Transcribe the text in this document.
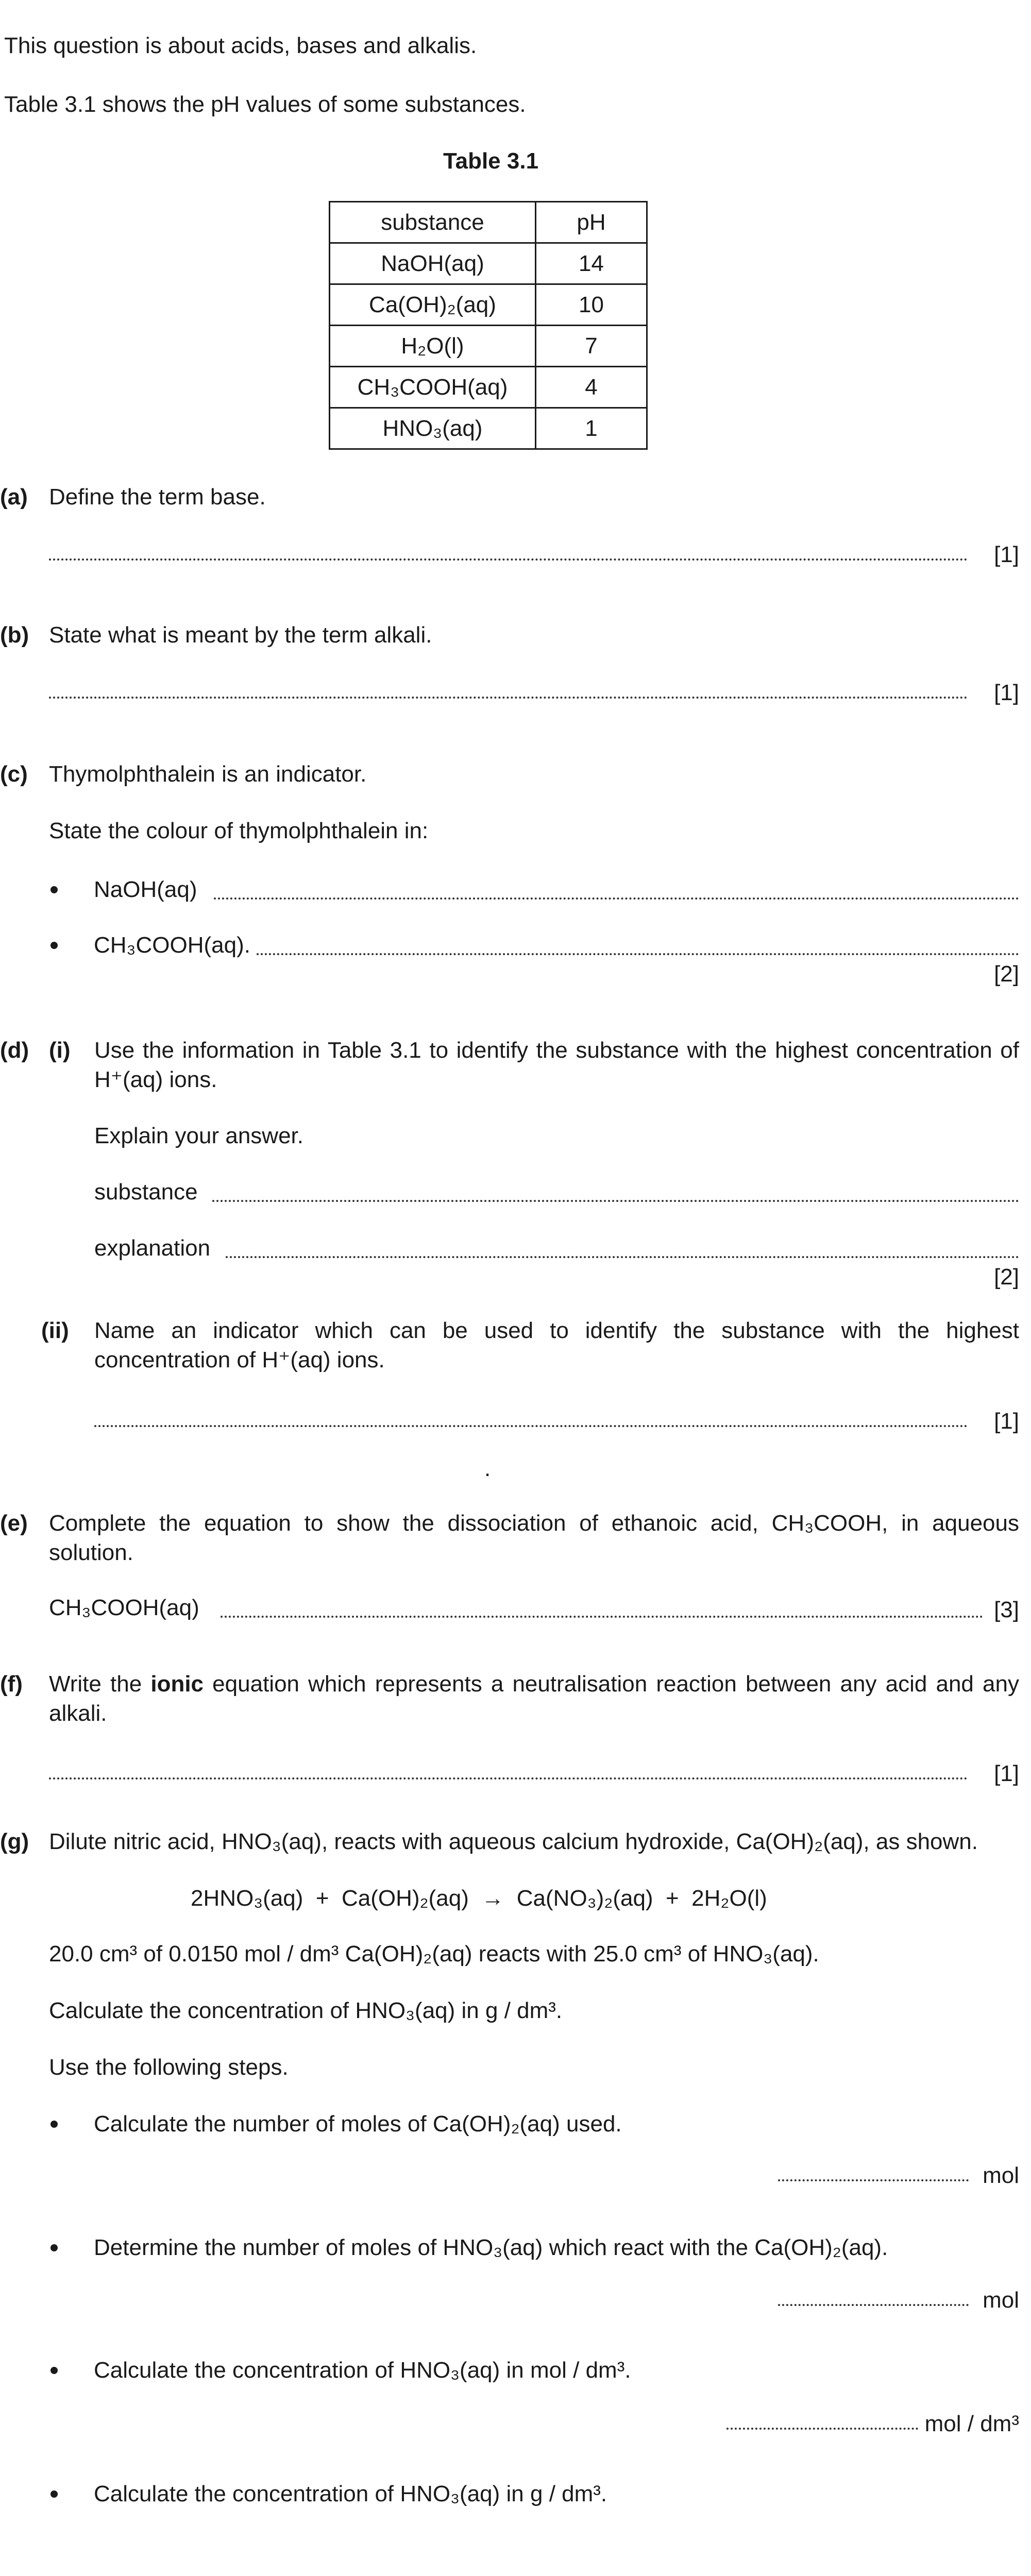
This question is about acids, bases and alkalis.
Table 3.1 shows the pH values of some substances.
Table 3.1
substance	pH
NaOH(aq)	14
Ca(OH)₂(aq)	10
H₂O(l)	7
CH₃COOH(aq)	4
HNO₃(aq)	1
(a) Define the term base.
[1]
(b) State what is meant by the term alkali.
[1]
(c) Thymolphthalein is an indicator.
State the colour of thymolphthalein in:
NaOH(aq)
CH₃COOH(aq).
[2]
(d) (i) Use the information in Table 3.1 to identify the substance with the highest concentration of H⁺(aq) ions.
Explain your answer.
substance
explanation
[2]
(ii) Name an indicator which can be used to identify the substance with the highest concentration of H⁺(aq) ions.
[1]
.
(e) Complete the equation to show the dissociation of ethanoic acid, CH₃COOH, in aqueous solution.
CH₃COOH(aq)	[3]
(f) Write the ionic equation which represents a neutralisation reaction between any acid and any alkali.
[1]
(g) Dilute nitric acid, HNO₃(aq), reacts with aqueous calcium hydroxide, Ca(OH)₂(aq), as shown.
2HNO₃(aq)  +  Ca(OH)₂(aq)  →  Ca(NO₃)₂(aq)  +  2H₂O(l)
20.0 cm³ of 0.0150 mol / dm³ Ca(OH)₂(aq) reacts with 25.0 cm³ of HNO₃(aq).
Calculate the concentration of HNO₃(aq) in g / dm³.
Use the following steps.
Calculate the number of moles of Ca(OH)₂(aq) used.
mol
Determine the number of moles of HNO₃(aq) which react with the Ca(OH)₂(aq).
mol
Calculate the concentration of HNO₃(aq) in mol / dm³.
mol / dm³
Calculate the concentration of HNO₃(aq) in g / dm³.
